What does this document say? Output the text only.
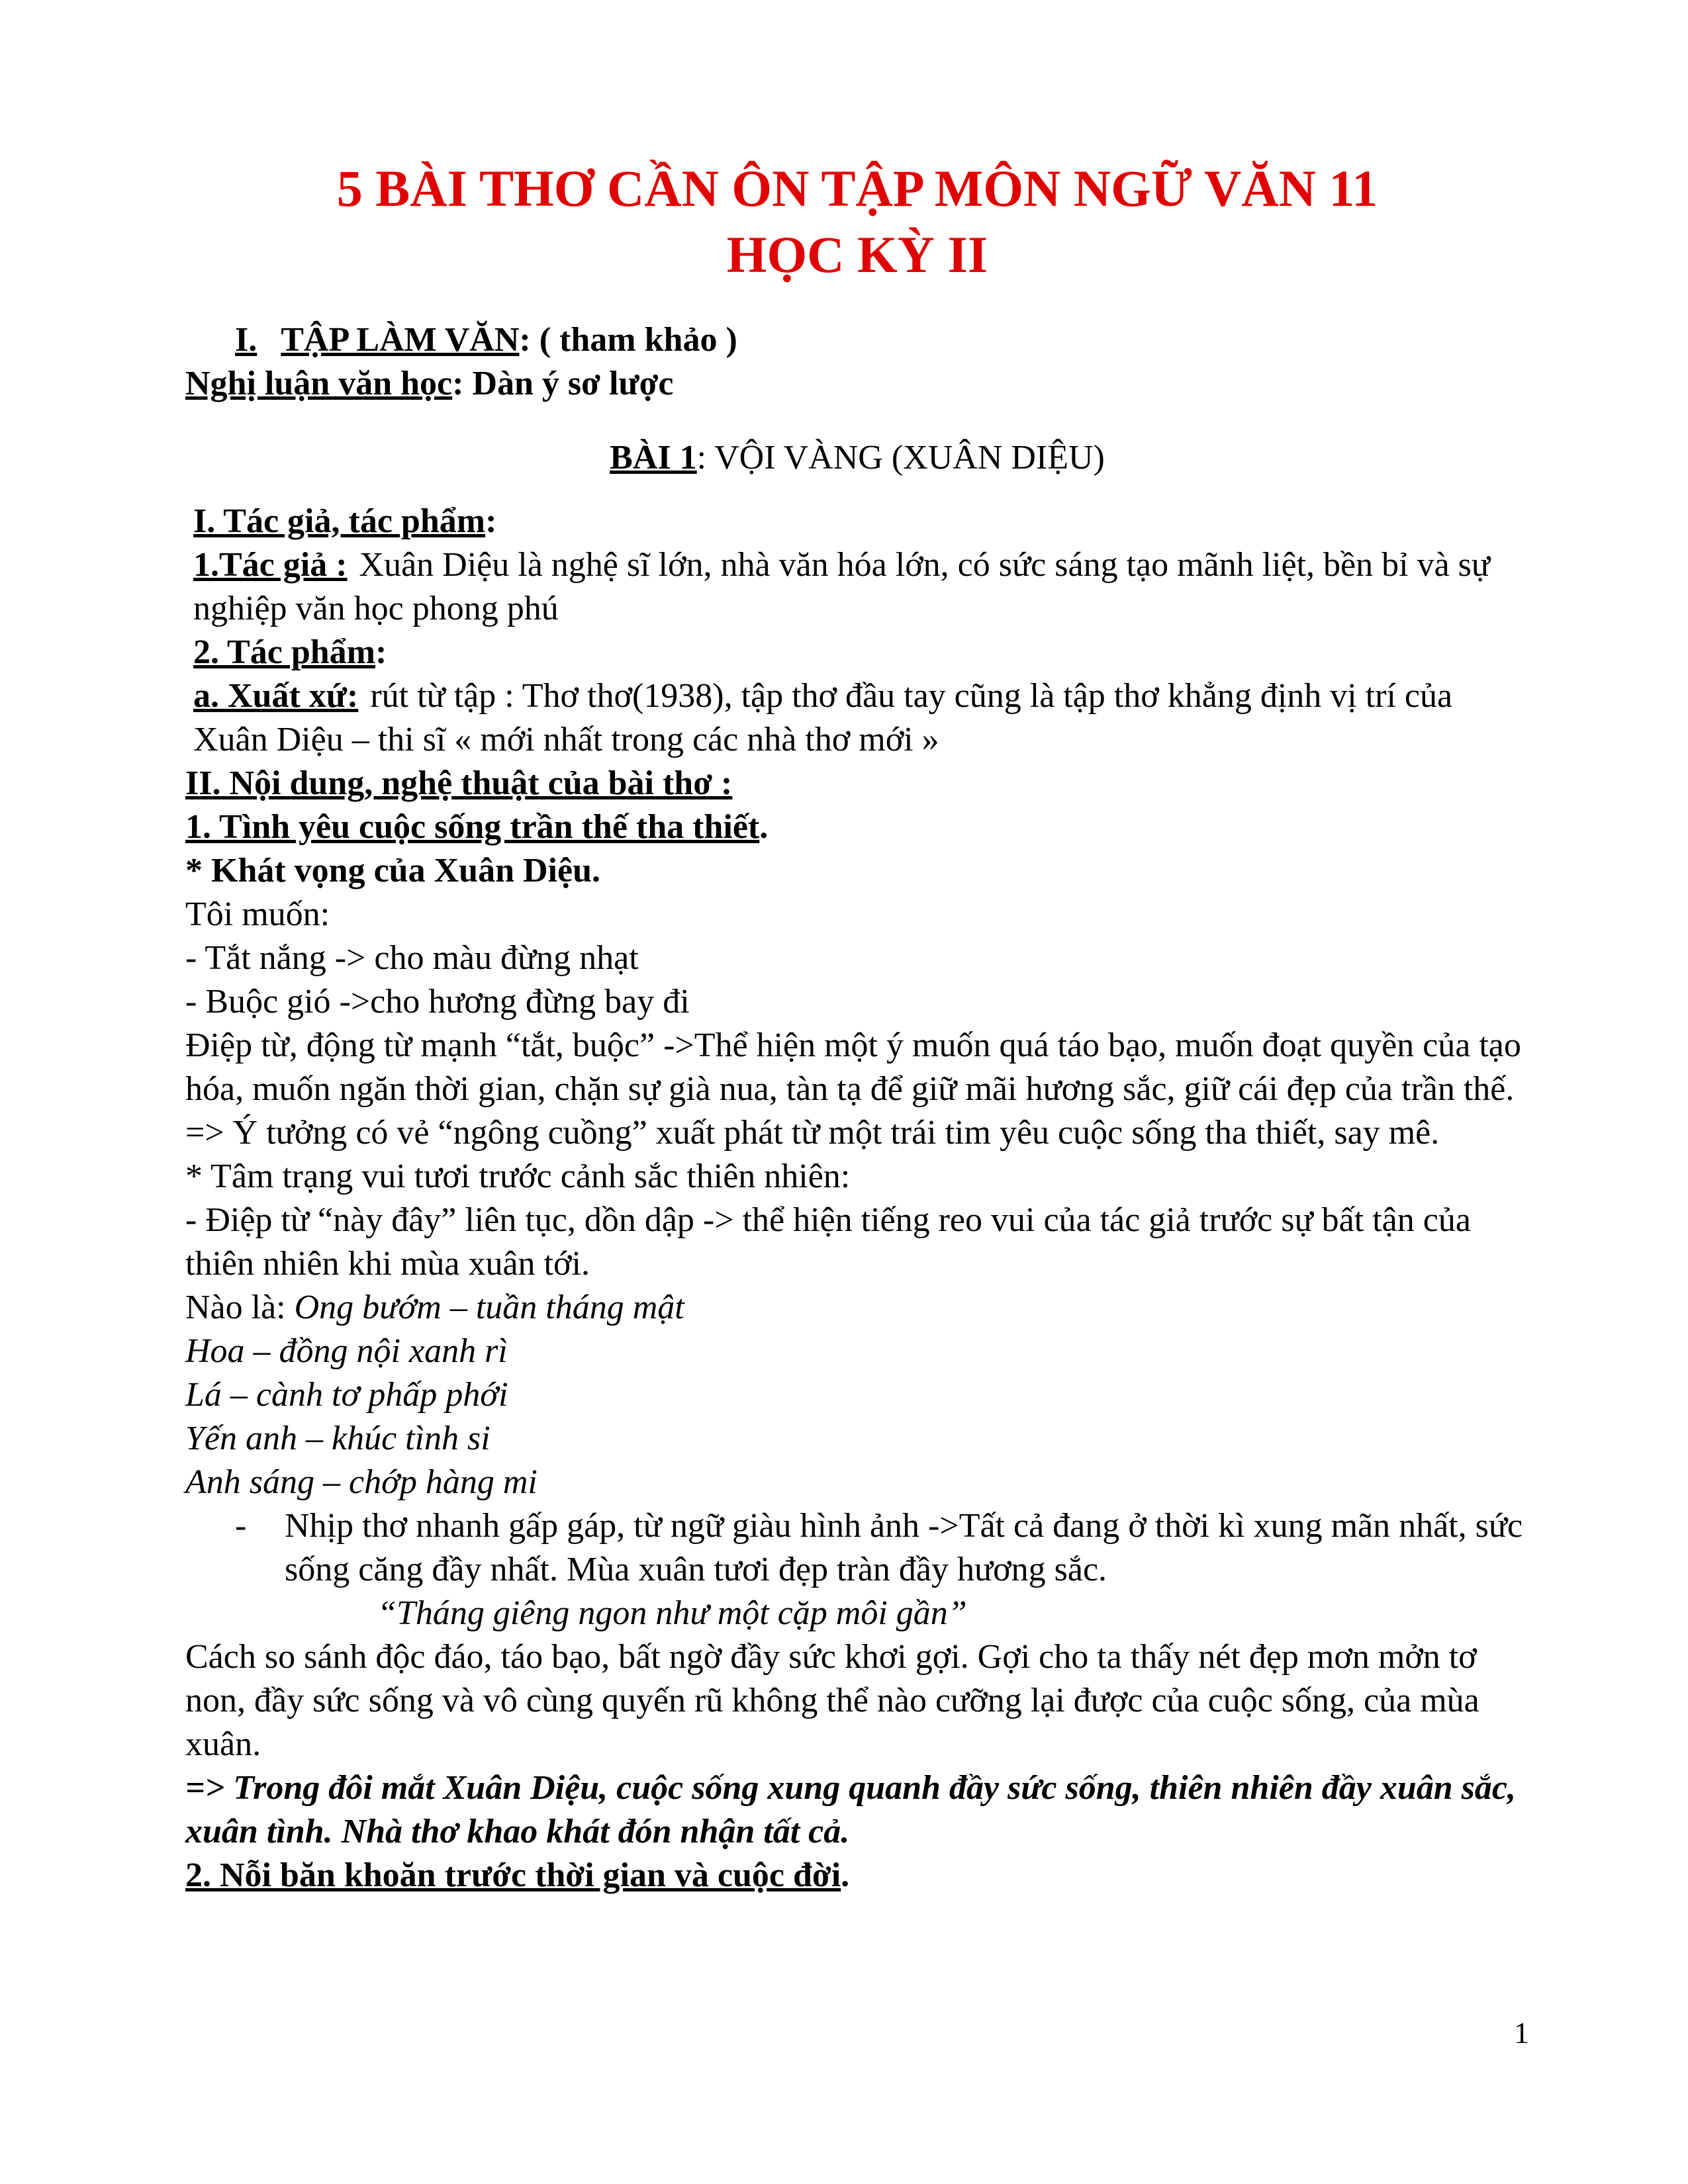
5 BÀI THƠ CẦN ÔN TẬP MÔN NGỮ VĂN 11
HỌC KỲ II

I. TẬP LÀM VĂN: ( tham khảo )

Nghị luận văn học: Dàn ý sơ lược

BÀI 1: VỘI VÀNG (XUÂN DIỆU)

I. Tác giả, tác phẩm:

1.Tác giả : Xuân Diệu là nghệ sĩ lớn, nhà văn hóa lớn, có sức sáng tạo mãnh liệt, bền bỉ và sự nghiệp văn học phong phú

2. Tác phẩm:

a. Xuất xứ: rút từ tập : Thơ thơ(1938), tập thơ đầu tay cũng là tập thơ khẳng định vị trí của Xuân Diệu – thi sĩ « mới nhất trong các nhà thơ mới »

II. Nội dung, nghệ thuật của bài thơ :

1. Tình yêu cuộc sống trần thế tha thiết.

* Khát vọng của Xuân Diệu.

Tôi muốn:

- Tắt nắng -> cho màu đừng nhạt

- Buộc gió ->cho hương đừng bay đi

Điệp từ, động từ mạnh “tắt, buộc” ->Thể hiện một ý muốn quá táo bạo, muốn đoạt quyền của tạo hóa, muốn ngăn thời gian, chặn sự già nua, tàn tạ để giữ mãi hương sắc, giữ cái đẹp của trần thế.

=> Ý tưởng có vẻ “ngông cuồng” xuất phát từ một trái tim yêu cuộc sống tha thiết, say mê.

* Tâm trạng vui tươi trước cảnh sắc thiên nhiên:

- Điệp từ “này đây” liên tục, dồn dập -> thể hiện tiếng reo vui của tác giả trước sự bất tận của thiên nhiên khi mùa xuân tới.

Nào là: Ong bướm – tuần tháng mật

Hoa – đồng nội xanh rì

Lá – cành tơ phấp phới

Yến anh – khúc tình si

Anh sáng – chớp hàng mi

-	Nhịp thơ nhanh gấp gáp, từ ngữ giàu hình ảnh ->Tất cả đang ở thời kì xung mãn nhất, sức sống căng đầy nhất. Mùa xuân tươi đẹp tràn đầy hương sắc.

“Tháng giêng ngon như một cặp môi gần”

Cách so sánh độc đáo, táo bạo, bất ngờ đầy sức khơi gợi. Gợi cho ta thấy nét đẹp mơn mởn tơ non, đầy sức sống và vô cùng quyến rũ không thể nào cưỡng lại được của cuộc sống, của mùa xuân.

=> Trong đôi mắt Xuân Diệu, cuộc sống xung quanh đầy sức sống, thiên nhiên đầy xuân sắc, xuân tình. Nhà thơ khao khát đón nhận tất cả.

2. Nỗi băn khoăn trước thời gian và cuộc đời.

1
